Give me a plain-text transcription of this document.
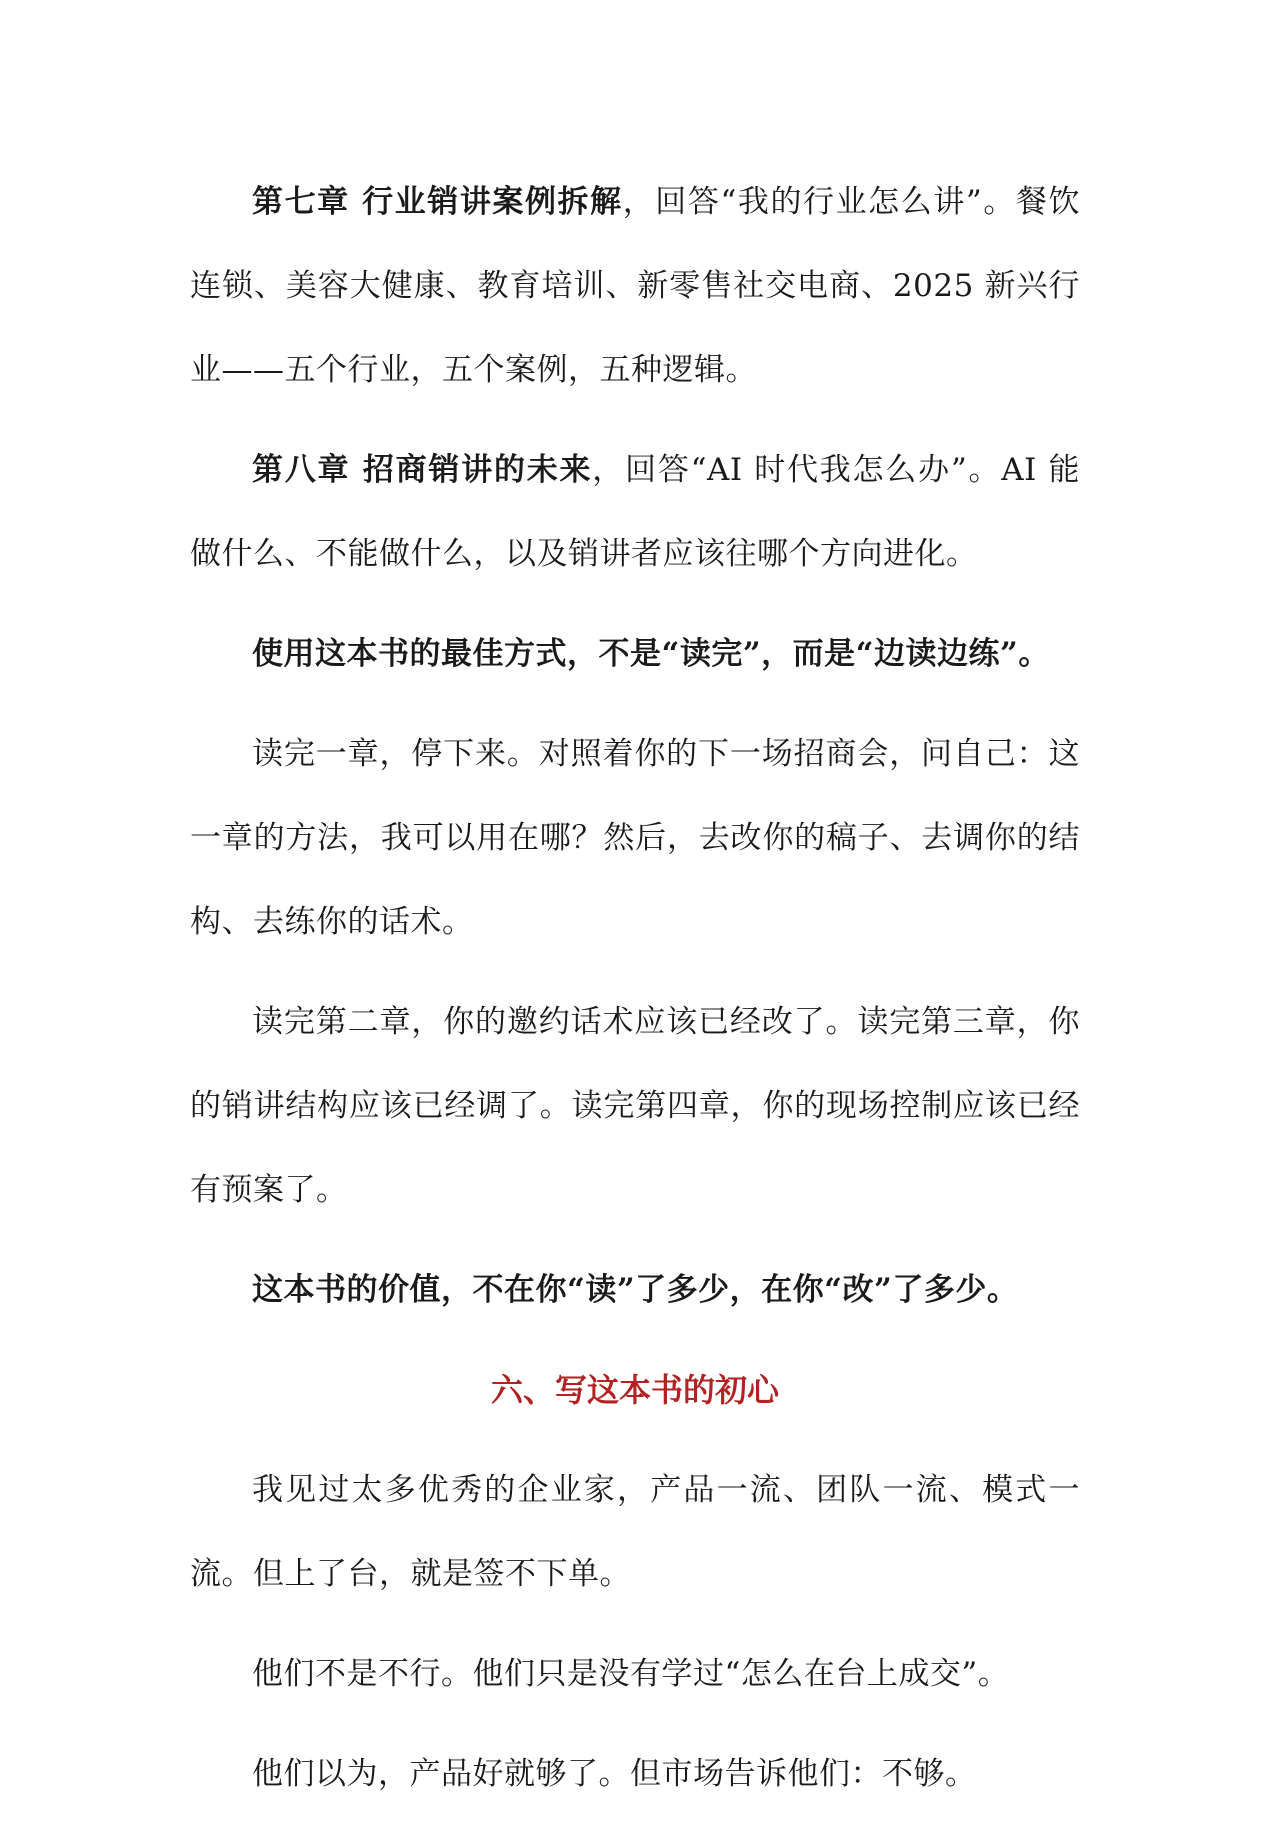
第七章 行业销讲案例拆解，回答“我的行业怎么讲”。餐饮连锁、美容大健康、教育培训、新零售社交电商、2025 新兴行业——五个行业，五个案例，五种逻辑。

第八章 招商销讲的未来，回答“AI 时代我怎么办”。AI 能做什么、不能做什么，以及销讲者应该往哪个方向进化。

使用这本书的最佳方式，不是“读完”，而是“边读边练”。

读完一章，停下来。对照着你的下一场招商会，问自己：这一章的方法，我可以用在哪？然后，去改你的稿子、去调你的结构、去练你的话术。

读完第二章，你的邀约话术应该已经改了。读完第三章，你的销讲结构应该已经调了。读完第四章，你的现场控制应该已经有预案了。

这本书的价值，不在你“读”了多少，在你“改”了多少。

六、写这本书的初心

我见过太多优秀的企业家，产品一流、团队一流、模式一流。但上了台，就是签不下单。

他们不是不行。他们只是没有学过“怎么在台上成交”。

他们以为，产品好就够了。但市场告诉他们：不够。
